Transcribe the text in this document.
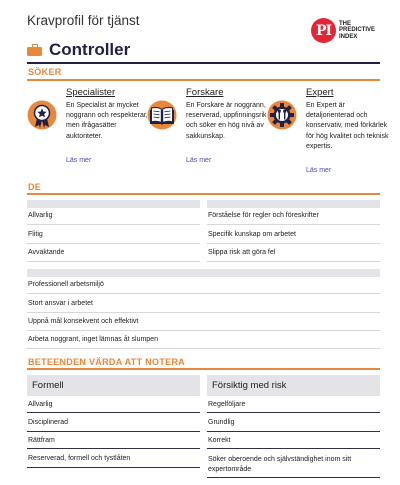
Kravprofil för tjänst
PI	THE
PREDICTIVE
INDEX
Controller
SÖKER
Specialister
En Specialist är mycket noggrann och respekterar, men ifrågasätter auktoriteter.
Läs mer
Forskare
En Forskare är noggrann, reserverad, uppfinningsrik och söker en hög nivå av sakkunskap.
Läs mer
Expert
En Expert är detaljorienterad och konservativ, med förkärlek för hög kvalitet och teknisk expertis.
Läs mer
DE
Allvarlig
Flitig
Avvaktande
Förståelse för regler och föreskrifter
Specifik kunskap om arbetet
Slippa risk att göra fel
Professionell arbetsmiljö
Stort ansvar i arbetet
Uppnå mål konsekvent och effektivt
Arbeta noggrant, inget lämnas åt slumpen
BETEENDEN VÄRDA ATT NOTERA
Formell	Försiktig med risk
Allvarlig
Disciplinerad
Rättfram
Reserverad, formell och tystlåten
Regelföljare
Grundlig
Korrekt
Söker oberoende och självständighet inom sitt expertområde
